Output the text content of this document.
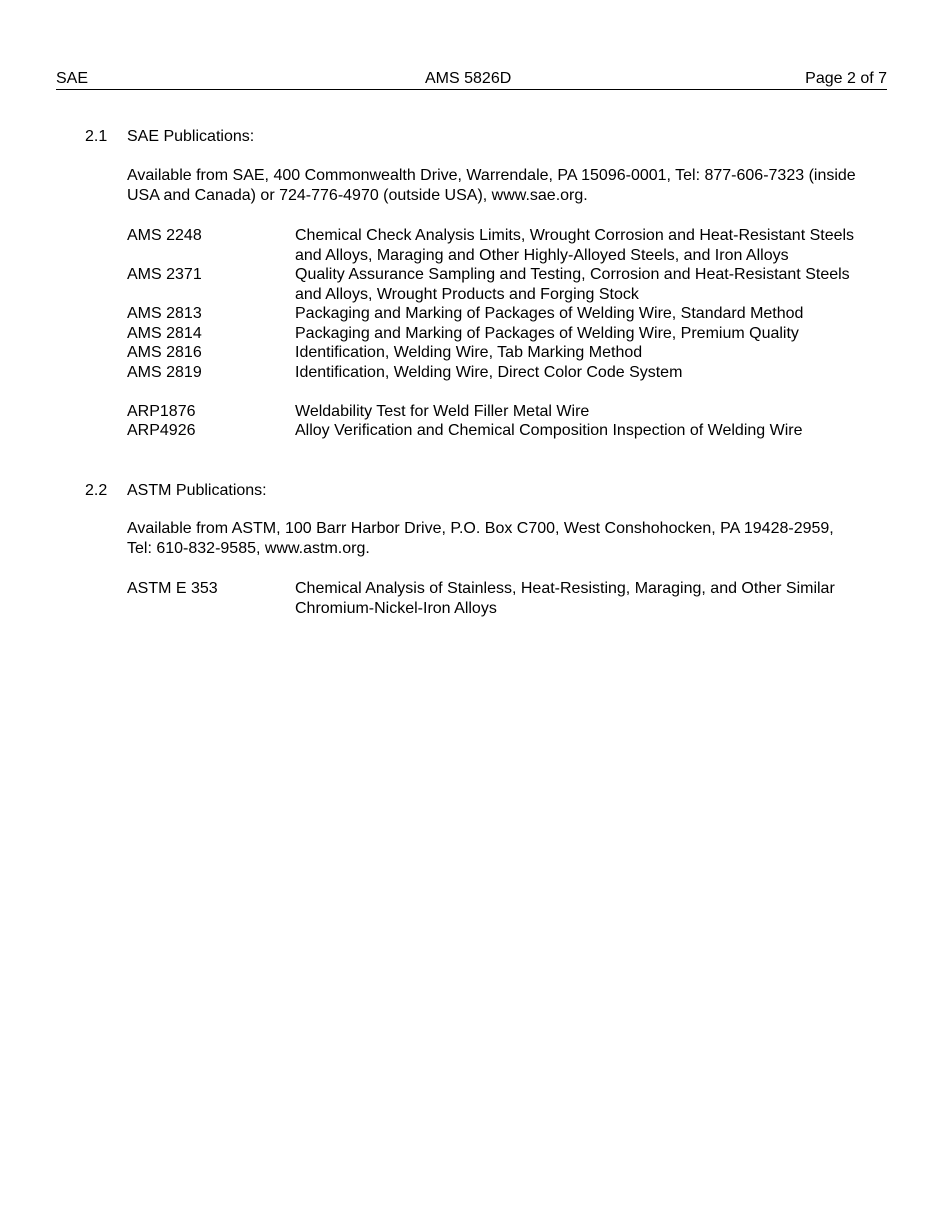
SAE	AMS 5826D	Page 2 of 7
2.1 SAE Publications:
Available from SAE, 400 Commonwealth Drive, Warrendale, PA 15096-0001, Tel: 877-606-7323 (inside USA and Canada) or 724-776-4970 (outside USA), www.sae.org.
AMS 2248	Chemical Check Analysis Limits, Wrought Corrosion and Heat-Resistant Steels and Alloys, Maraging and Other Highly-Alloyed Steels, and Iron Alloys
AMS 2371	Quality Assurance Sampling and Testing, Corrosion and Heat-Resistant Steels and Alloys, Wrought Products and Forging Stock
AMS 2813	Packaging and Marking of Packages of Welding Wire, Standard Method
AMS 2814	Packaging and Marking of Packages of Welding Wire, Premium Quality
AMS 2816	Identification, Welding Wire, Tab Marking Method
AMS 2819	Identification, Welding Wire, Direct Color Code System
ARP1876	Weldability Test for Weld Filler Metal Wire
ARP4926	Alloy Verification and Chemical Composition Inspection of Welding Wire
2.2 ASTM Publications:
Available from ASTM, 100 Barr Harbor Drive, P.O. Box C700, West Conshohocken, PA 19428-2959, Tel: 610-832-9585, www.astm.org.
ASTM E 353	Chemical Analysis of Stainless, Heat-Resisting, Maraging, and Other Similar Chromium-Nickel-Iron Alloys
